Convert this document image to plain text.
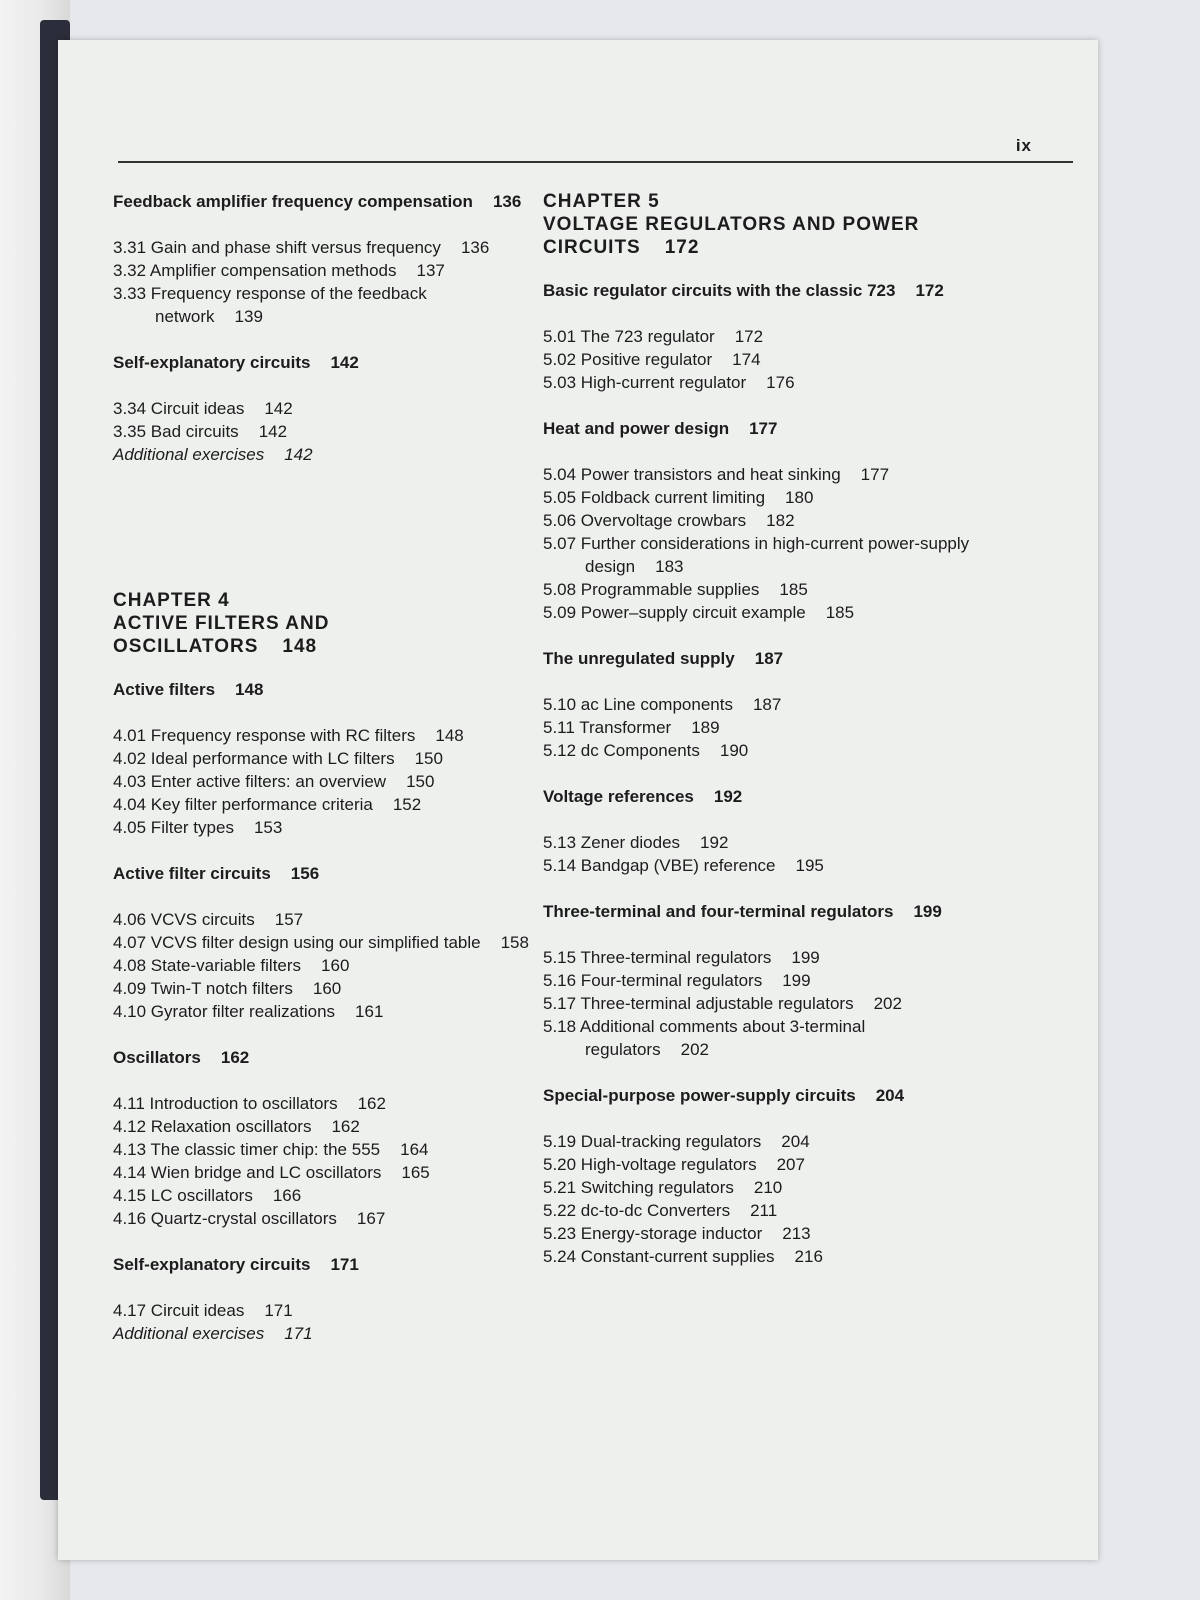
ix
Feedback amplifier frequency compensation 136
3.31 Gain and phase shift versus frequency 136
3.32 Amplifier compensation methods 137
3.33 Frequency response of the feedback network 139
Self-explanatory circuits 142
3.34 Circuit ideas 142
3.35 Bad circuits 142
Additional exercises 142
CHAPTER 4
ACTIVE FILTERS AND OSCILLATORS 148
Active filters 148
4.01 Frequency response with RC filters 148
4.02 Ideal performance with LC filters 150
4.03 Enter active filters: an overview 150
4.04 Key filter performance criteria 152
4.05 Filter types 153
Active filter circuits 156
4.06 VCVS circuits 157
4.07 VCVS filter design using our simplified table 158
4.08 State-variable filters 160
4.09 Twin-T notch filters 160
4.10 Gyrator filter realizations 161
Oscillators 162
4.11 Introduction to oscillators 162
4.12 Relaxation oscillators 162
4.13 The classic timer chip: the 555 164
4.14 Wien bridge and LC oscillators 165
4.15 LC oscillators 166
4.16 Quartz-crystal oscillators 167
Self-explanatory circuits 171
4.17 Circuit ideas 171
Additional exercises 171
CHAPTER 5
VOLTAGE REGULATORS AND POWER CIRCUITS 172
Basic regulator circuits with the classic 723 172
5.01 The 723 regulator 172
5.02 Positive regulator 174
5.03 High-current regulator 176
Heat and power design 177
5.04 Power transistors and heat sinking 177
5.05 Foldback current limiting 180
5.06 Overvoltage crowbars 182
5.07 Further considerations in high-current power-supply design 183
5.08 Programmable supplies 185
5.09 Power–supply circuit example 185
The unregulated supply 187
5.10 ac Line components 187
5.11 Transformer 189
5.12 dc Components 190
Voltage references 192
5.13 Zener diodes 192
5.14 Bandgap (VBE) reference 195
Three-terminal and four-terminal regulators 199
5.15 Three-terminal regulators 199
5.16 Four-terminal regulators 199
5.17 Three-terminal adjustable regulators 202
5.18 Additional comments about 3-terminal regulators 202
Special-purpose power-supply circuits 204
5.19 Dual-tracking regulators 204
5.20 High-voltage regulators 207
5.21 Switching regulators 210
5.22 dc-to-dc Converters 211
5.23 Energy-storage inductor 213
5.24 Constant-current supplies 216
